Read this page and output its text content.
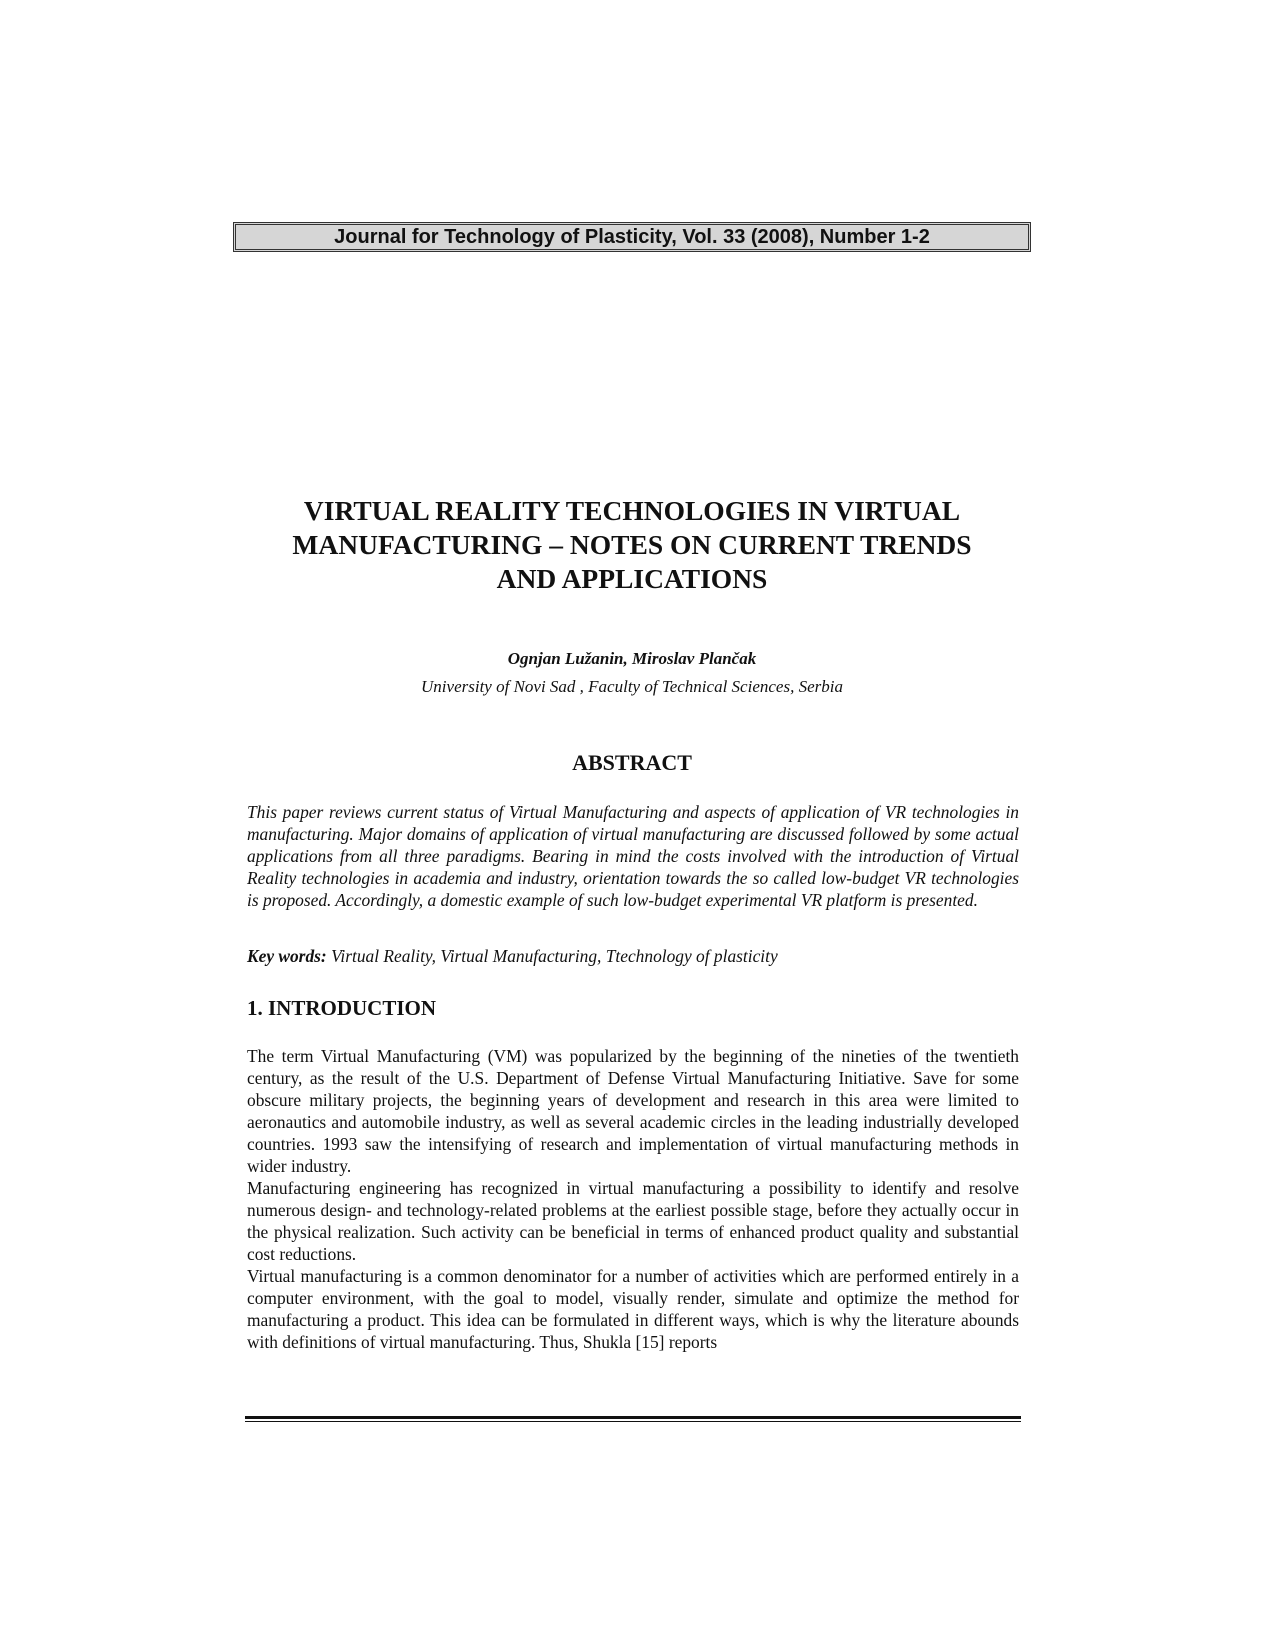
Journal for Technology of Plasticity, Vol. 33 (2008), Number 1-2
VIRTUAL REALITY TECHNOLOGIES IN VIRTUAL
MANUFACTURING – NOTES ON CURRENT TRENDS
AND APPLICATIONS
Ognjan Lužanin, Miroslav Plančak
University of Novi Sad , Faculty of Technical Sciences, Serbia
ABSTRACT

This paper reviews current status of Virtual Manufacturing and aspects of application of VR technologies in manufacturing. Major domains of application of virtual manufacturing are discussed followed by some actual applications from all three paradigms. Bearing in mind the costs involved with the introduction of Virtual Reality technologies in academia and industry, orientation towards the so called low-budget VR technologies is proposed. Accordingly, a domestic example of such low-budget experimental VR platform is presented.

Key words: Virtual Reality, Virtual Manufacturing, Ttechnology of plasticity

1. INTRODUCTION

The term Virtual Manufacturing (VM) was popularized by the beginning of the nineties of the twentieth century, as the result of the U.S. Department of Defense Virtual Manufacturing Initiative. Save for some obscure military projects, the beginning years of development and research in this area were limited to aeronautics and automobile industry, as well as several academic circles in the leading industrially developed countries. 1993 saw the intensifying of research and implementation of virtual manufacturing methods in wider industry.

Manufacturing engineering has recognized in virtual manufacturing a possibility to identify and resolve numerous design- and technology-related problems at the earliest possible stage, before they actually occur in the physical realization. Such activity can be beneficial in terms of enhanced product quality and substantial cost reductions.

Virtual manufacturing is a common denominator for a number of activities which are performed entirely in a computer environment, with the goal to model, visually render, simulate and optimize the method for manufacturing a product. This idea can be formulated in different ways, which is why the literature abounds with definitions of virtual manufacturing. Thus, Shukla [15] reports
